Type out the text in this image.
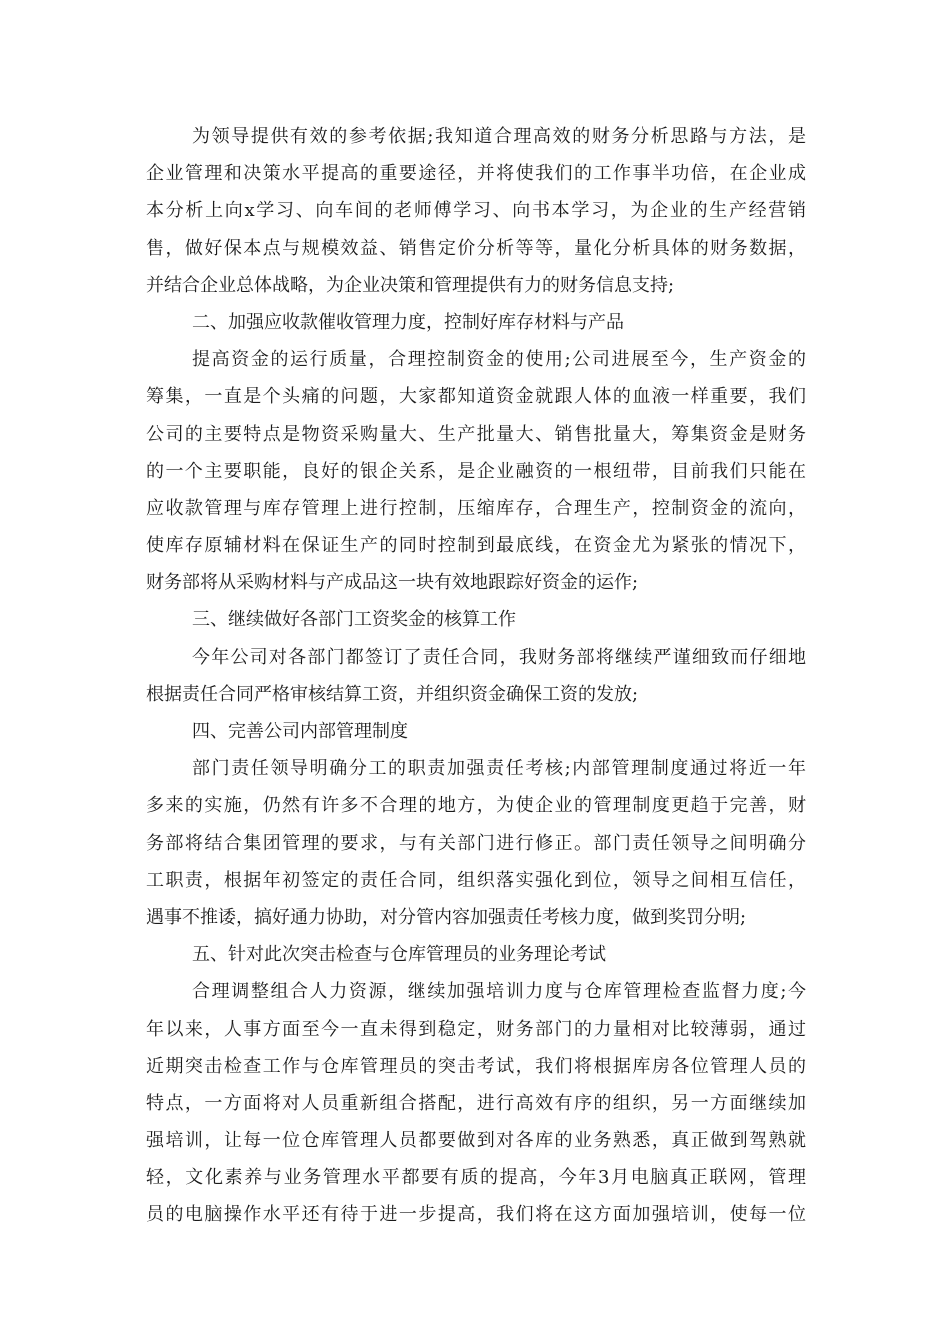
为领导提供有效的参考依据;我知道合理高效的财务分析思路与方法，是
企业管理和决策水平提高的重要途径，并将使我们的工作事半功倍，在企业成
本分析上向x学习、向车间的老师傅学习、向书本学习，为企业的生产经营销
售，做好保本点与规模效益、销售定价分析等等，量化分析具体的财务数据，
并结合企业总体战略，为企业决策和管理提供有力的财务信息支持;
二、加强应收款催收管理力度，控制好库存材料与产品
提高资金的运行质量，合理控制资金的使用;公司进展至今，生产资金的
筹集，一直是个头痛的问题，大家都知道资金就跟人体的血液一样重要，我们
公司的主要特点是物资采购量大、生产批量大、销售批量大，筹集资金是财务
的一个主要职能，良好的银企关系，是企业融资的一根纽带，目前我们只能在
应收款管理与库存管理上进行控制，压缩库存，合理生产，控制资金的流向，
使库存原辅材料在保证生产的同时控制到最底线，在资金尤为紧张的情况下，
财务部将从采购材料与产成品这一块有效地跟踪好资金的运作;
三、继续做好各部门工资奖金的核算工作
今年公司对各部门都签订了责任合同，我财务部将继续严谨细致而仔细地
根据责任合同严格审核结算工资，并组织资金确保工资的发放;
四、完善公司内部管理制度
部门责任领导明确分工的职责加强责任考核;内部管理制度通过将近一年
多来的实施，仍然有许多不合理的地方，为使企业的管理制度更趋于完善，财
务部将结合集团管理的要求，与有关部门进行修正。部门责任领导之间明确分
工职责，根据年初签定的责任合同，组织落实强化到位，领导之间相互信任，
遇事不推诿，搞好通力协助，对分管内容加强责任考核力度，做到奖罚分明;
五、针对此次突击检查与仓库管理员的业务理论考试
合理调整组合人力资源，继续加强培训力度与仓库管理检查监督力度;今
年以来，人事方面至今一直未得到稳定，财务部门的力量相对比较薄弱，通过
近期突击检查工作与仓库管理员的突击考试，我们将根据库房各位管理人员的
特点，一方面将对人员重新组合搭配，进行高效有序的组织，另一方面继续加
强培训，让每一位仓库管理人员都要做到对各库的业务熟悉，真正做到驾熟就
轻，文化素养与业务管理水平都要有质的提高，今年3月电脑真正联网，管理
员的电脑操作水平还有待于进一步提高，我们将在这方面加强培训，使每一位
